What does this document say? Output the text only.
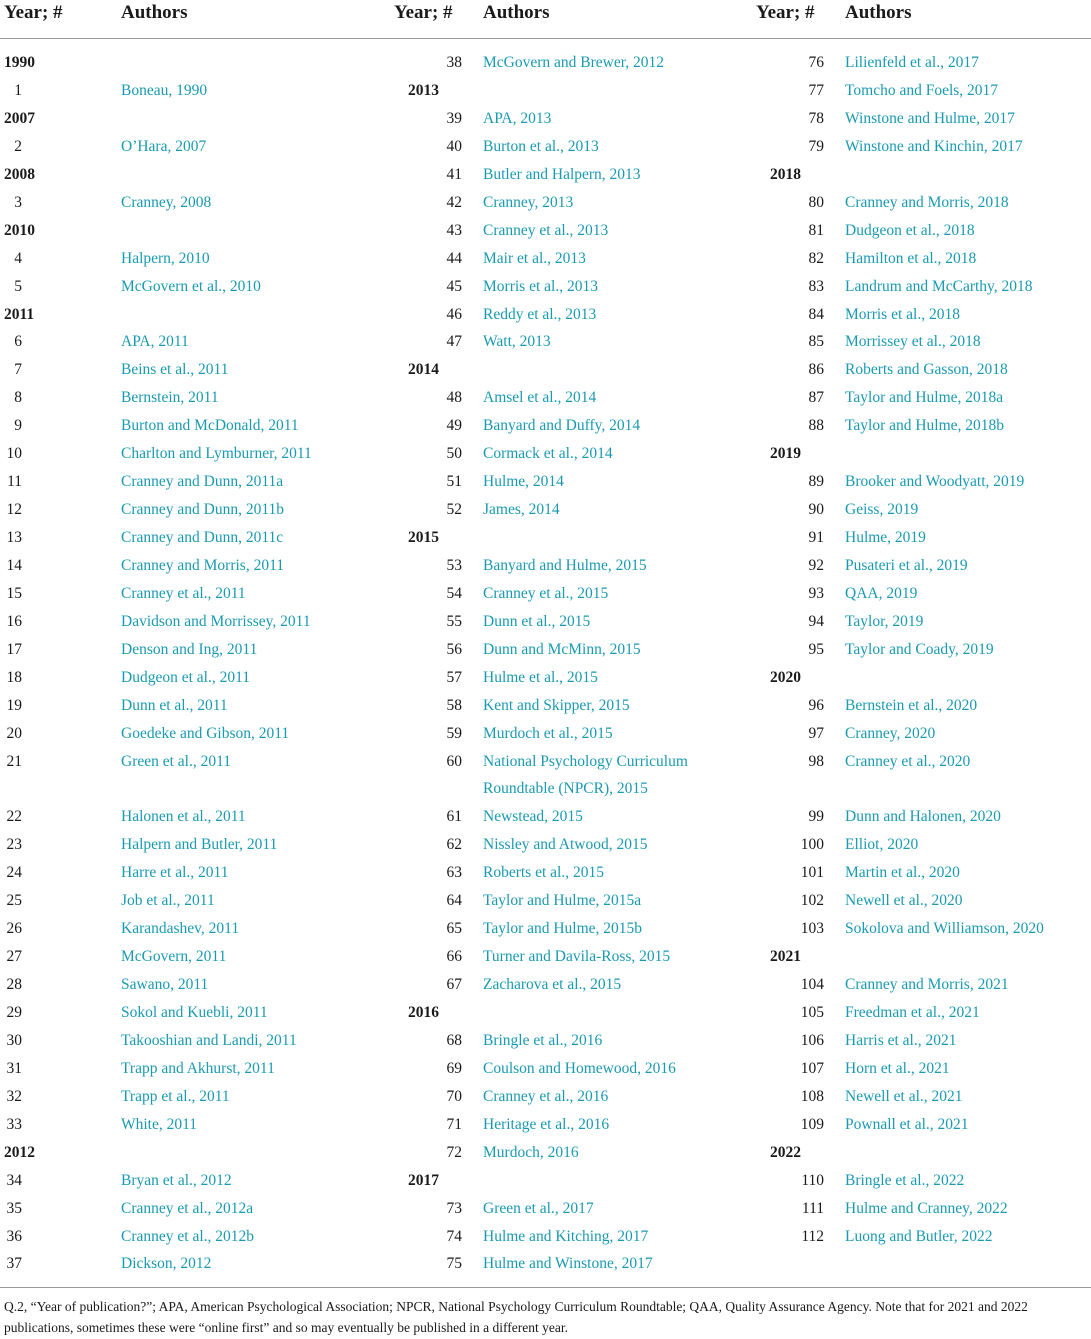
Year; #	Authors	Year; # Authors	Year; # Authors
1990
1	Boneau, 1990
2007
2	O’Hara, 2007
2008
3	Cranney, 2008
2010
4	Halpern, 2010
5	McGovern et al., 2010
2011
6	APA, 2011
7	Beins et al., 2011
8	Bernstein, 2011
9	Burton and McDonald, 2011
10	Charlton and Lymburner, 2011
11	Cranney and Dunn, 2011a
12	Cranney and Dunn, 2011b
13	Cranney and Dunn, 2011c
14	Cranney and Morris, 2011
15	Cranney et al., 2011
16	Davidson and Morrissey, 2011
17	Denson and Ing, 2011
18	Dudgeon et al., 2011
19	Dunn et al., 2011
20	Goedeke and Gibson, 2011
21	Green et al., 2011
22	Halonen et al., 2011
23	Halpern and Butler, 2011
24	Harre et al., 2011
25	Job et al., 2011
26	Karandashev, 2011
27	McGovern, 2011
28	Sawano, 2011
29	Sokol and Kuebli, 2011
30	Takooshian and Landi, 2011
31	Trapp and Akhurst, 2011
32	Trapp et al., 2011
33	White, 2011
2012
34	Bryan et al., 2012
35	Cranney et al., 2012a
36	Cranney et al., 2012b
37	Dickson, 2012
38 McGovern and Brewer, 2012
2013
39 APA, 2013
40 Burton et al., 2013
41 Butler and Halpern, 2013
42 Cranney, 2013
43 Cranney et al., 2013
44 Mair et al., 2013
45 Morris et al., 2013
46 Reddy et al., 2013
47 Watt, 2013
2014
48 Amsel et al., 2014
49 Banyard and Duffy, 2014
50 Cormack et al., 2014
51 Hulme, 2014
52 James, 2014
2015
53 Banyard and Hulme, 2015
54 Cranney et al., 2015
55 Dunn et al., 2015
56 Dunn and McMinn, 2015
57 Hulme et al., 2015
58 Kent and Skipper, 2015
59 Murdoch et al., 2015
60 National Psychology Curriculum
Roundtable (NPCR), 2015
61 Newstead, 2015
62 Nissley and Atwood, 2015
63 Roberts et al., 2015
64 Taylor and Hulme, 2015a
65 Taylor and Hulme, 2015b
66 Turner and Davila-Ross, 2015
67 Zacharova et al., 2015
2016
68 Bringle et al., 2016
69 Coulson and Homewood, 2016
70 Cranney et al., 2016
71 Heritage et al., 2016
72 Murdoch, 2016
2017
73 Green et al., 2017
74 Hulme and Kitching, 2017
75 Hulme and Winstone, 2017
76 Lilienfeld et al., 2017
77 Tomcho and Foels, 2017
78 Winstone and Hulme, 2017
79 Winstone and Kinchin, 2017
2018
80 Cranney and Morris, 2018
81 Dudgeon et al., 2018
82 Hamilton et al., 2018
83 Landrum and McCarthy, 2018
84 Morris et al., 2018
85 Morrissey et al., 2018
86 Roberts and Gasson, 2018
87 Taylor and Hulme, 2018a
88 Taylor and Hulme, 2018b
2019
89 Brooker and Woodyatt, 2019
90 Geiss, 2019
91 Hulme, 2019
92 Pusateri et al., 2019
93 QAA, 2019
94 Taylor, 2019
95 Taylor and Coady, 2019
2020
96 Bernstein et al., 2020
97 Cranney, 2020
98 Cranney et al., 2020
99 Dunn and Halonen, 2020
100 Elliot, 2020
101 Martin et al., 2020
102 Newell et al., 2020
103 Sokolova and Williamson, 2020
2021
104 Cranney and Morris, 2021
105 Freedman et al., 2021
106 Harris et al., 2021
107 Horn et al., 2021
108 Newell et al., 2021
109 Pownall et al., 2021
2022
110 Bringle et al., 2022
111 Hulme and Cranney, 2022
112 Luong and Butler, 2022
Q.2, “Year of publication?”; APA, American Psychological Association; NPCR, National Psychology Curriculum Roundtable; QAA, Quality Assurance Agency. Note that for 2021 and 2022 publications, sometimes these were “online first” and so may eventually be published in a different year.
